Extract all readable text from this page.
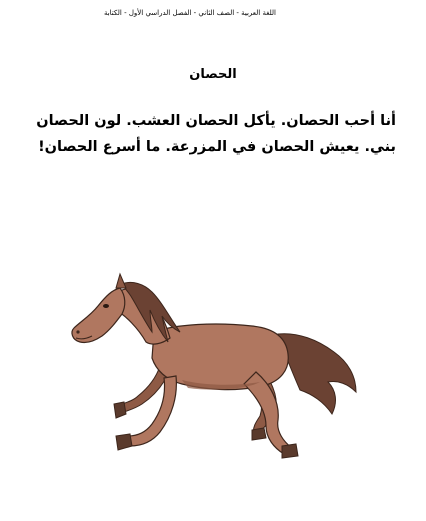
اللغة العربية - الصف الثاني - الفصل الدراسي الأول - الكتابة
الحصان
أنا أحب الحصان. يأكل الحصان العشب. لون الحصان بني. يعيش الحصان في المزرعة. ما أسرع الحصان!
